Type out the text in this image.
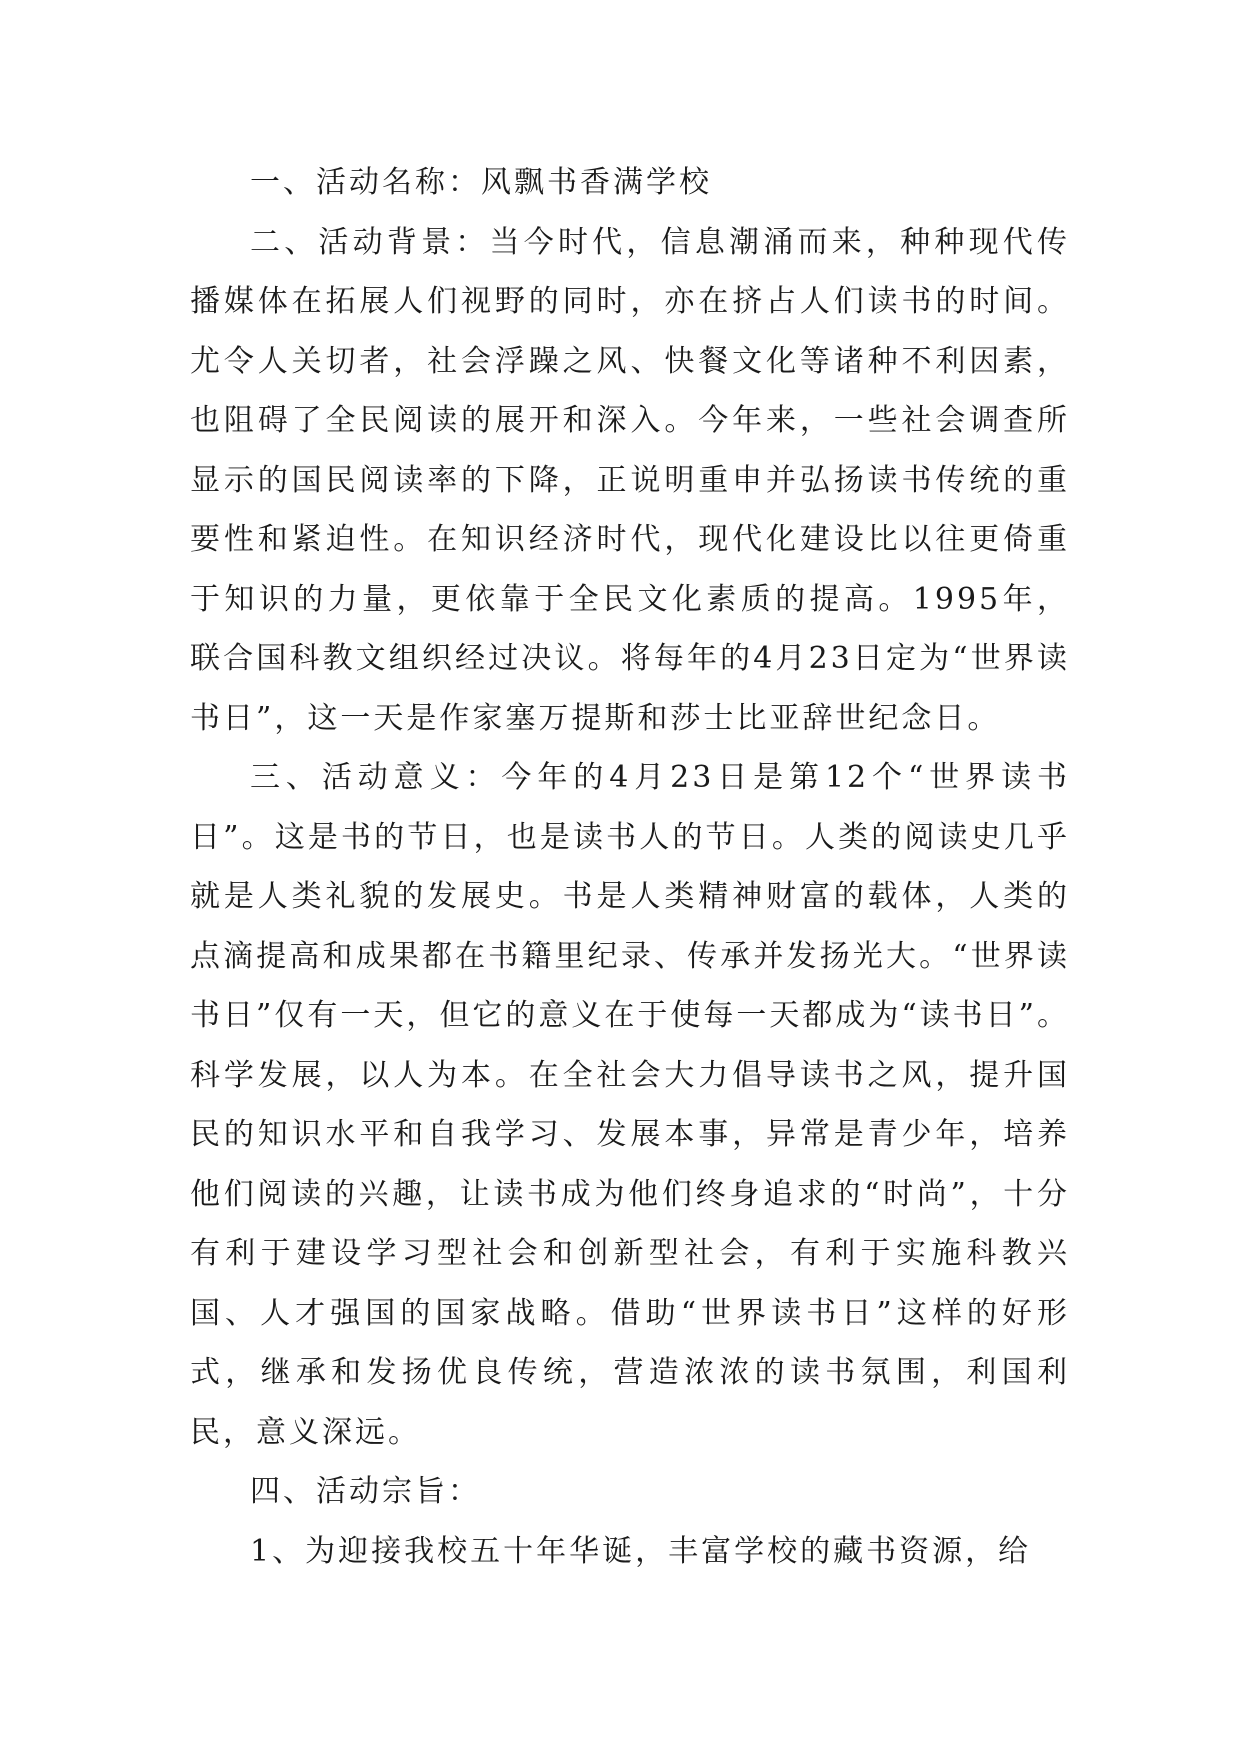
一、活动名称：风飘书香满学校

二、活动背景：当今时代，信息潮涌而来，种种现代传播媒体在拓展人们视野的同时，亦在挤占人们读书的时间。尤令人关切者，社会浮躁之风、快餐文化等诸种不利因素，也阻碍了全民阅读的展开和深入。今年来，一些社会调查所显示的国民阅读率的下降，正说明重申并弘扬读书传统的重要性和紧迫性。在知识经济时代，现代化建设比以往更倚重于知识的力量，更依靠于全民文化素质的提高。1995年，联合国科教文组织经过决议。将每年的4月23日定为“世界读书日”，这一天是作家塞万提斯和莎士比亚辞世纪念日。

三、活动意义：今年的4月23日是第12个“世界读书日”。这是书的节日，也是读书人的节日。人类的阅读史几乎就是人类礼貌的发展史。书是人类精神财富的载体，人类的点滴提高和成果都在书籍里纪录、传承并发扬光大。“世界读书日”仅有一天，但它的意义在于使每一天都成为“读书日”。科学发展，以人为本。在全社会大力倡导读书之风，提升国民的知识水平和自我学习、发展本事，异常是青少年，培养他们阅读的兴趣，让读书成为他们终身追求的“时尚”，十分有利于建设学习型社会和创新型社会，有利于实施科教兴国、人才强国的国家战略。借助“世界读书日”这样的好形式，继承和发扬优良传统，营造浓浓的读书氛围，利国利民，意义深远。

四、活动宗旨：

1、为迎接我校五十年华诞，丰富学校的藏书资源，给
